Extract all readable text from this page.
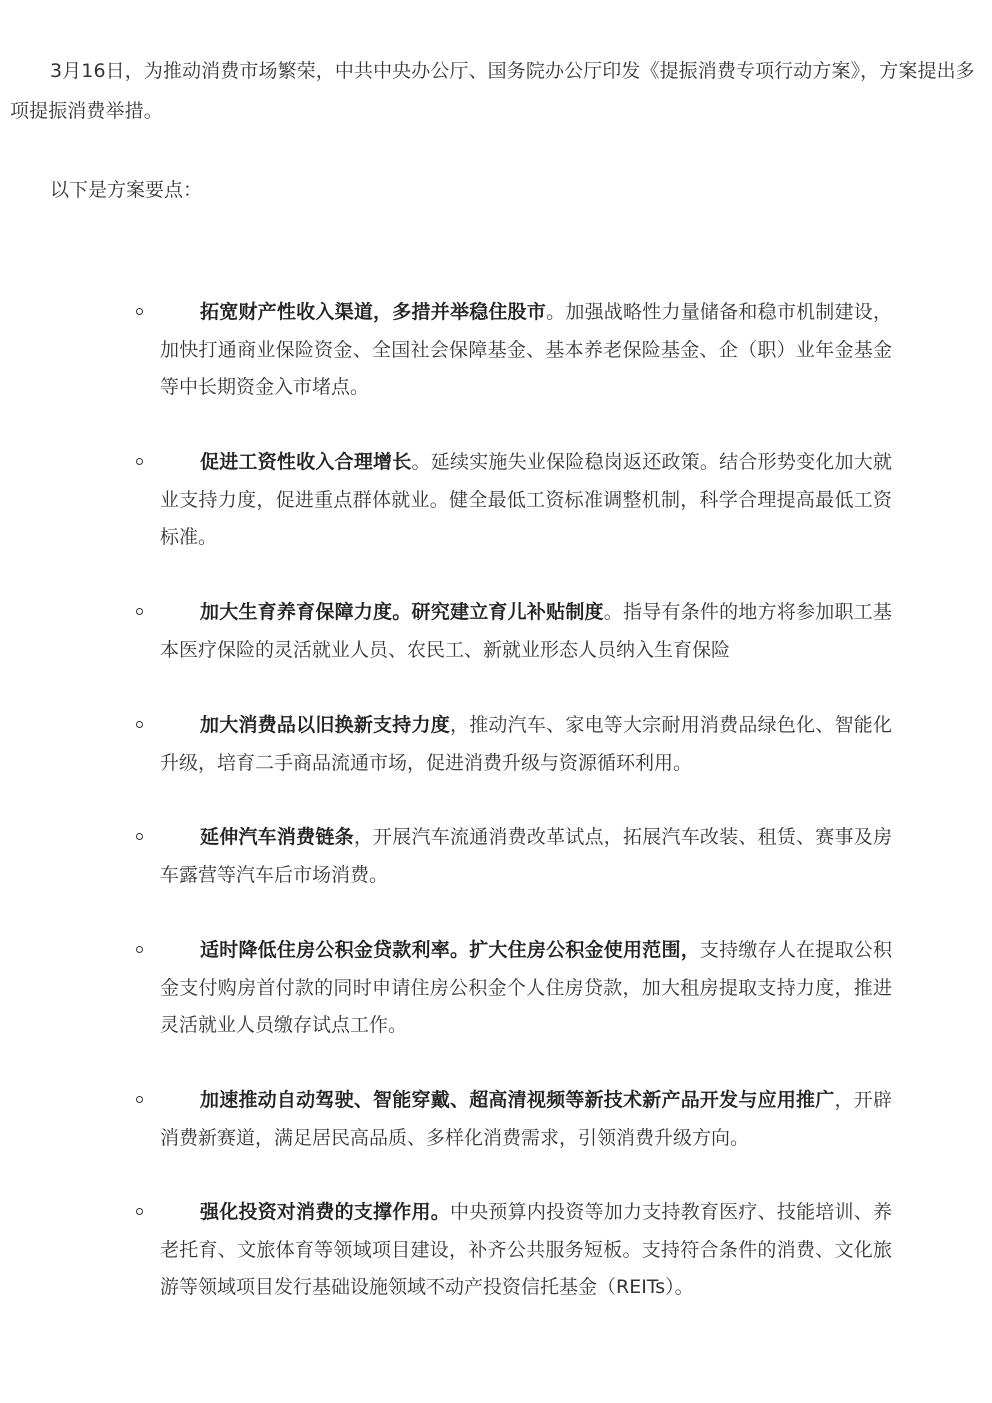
3月16日，为推动消费市场繁荣，中共中央办公厅、国务院办公厅印发《提振消费专项行动方案》，方案提出多项提振消费举措。

以下是方案要点：

拓宽财产性收入渠道，多措并举稳住股市。加强战略性力量储备和稳市机制建设，加快打通商业保险资金、全国社会保障基金、基本养老保险基金、企（职）业年金基金等中长期资金入市堵点。
促进工资性收入合理增长。延续实施失业保险稳岗返还政策。结合形势变化加大就业支持力度，促进重点群体就业。健全最低工资标准调整机制，科学合理提高最低工资标准。
加大生育养育保障力度。研究建立育儿补贴制度。指导有条件的地方将参加职工基本医疗保险的灵活就业人员、农民工、新就业形态人员纳入生育保险
加大消费品以旧换新支持力度，推动汽车、家电等大宗耐用消费品绿色化、智能化升级，培育二手商品流通市场，促进消费升级与资源循环利用。
延伸汽车消费链条，开展汽车流通消费改革试点，拓展汽车改装、租赁、赛事及房车露营等汽车后市场消费。
适时降低住房公积金贷款利率。扩大住房公积金使用范围，支持缴存人在提取公积金支付购房首付款的同时申请住房公积金个人住房贷款，加大租房提取支持力度，推进灵活就业人员缴存试点工作。
加速推动自动驾驶、智能穿戴、超高清视频等新技术新产品开发与应用推广，开辟消费新赛道，满足居民高品质、多样化消费需求，引领消费升级方向。
强化投资对消费的支撑作用。中央预算内投资等加力支持教育医疗、技能培训、养老托育、文旅体育等领域项目建设，补齐公共服务短板。支持符合条件的消费、文化旅游等领域项目发行基础设施领域不动产投资信托基金（REITs）。
